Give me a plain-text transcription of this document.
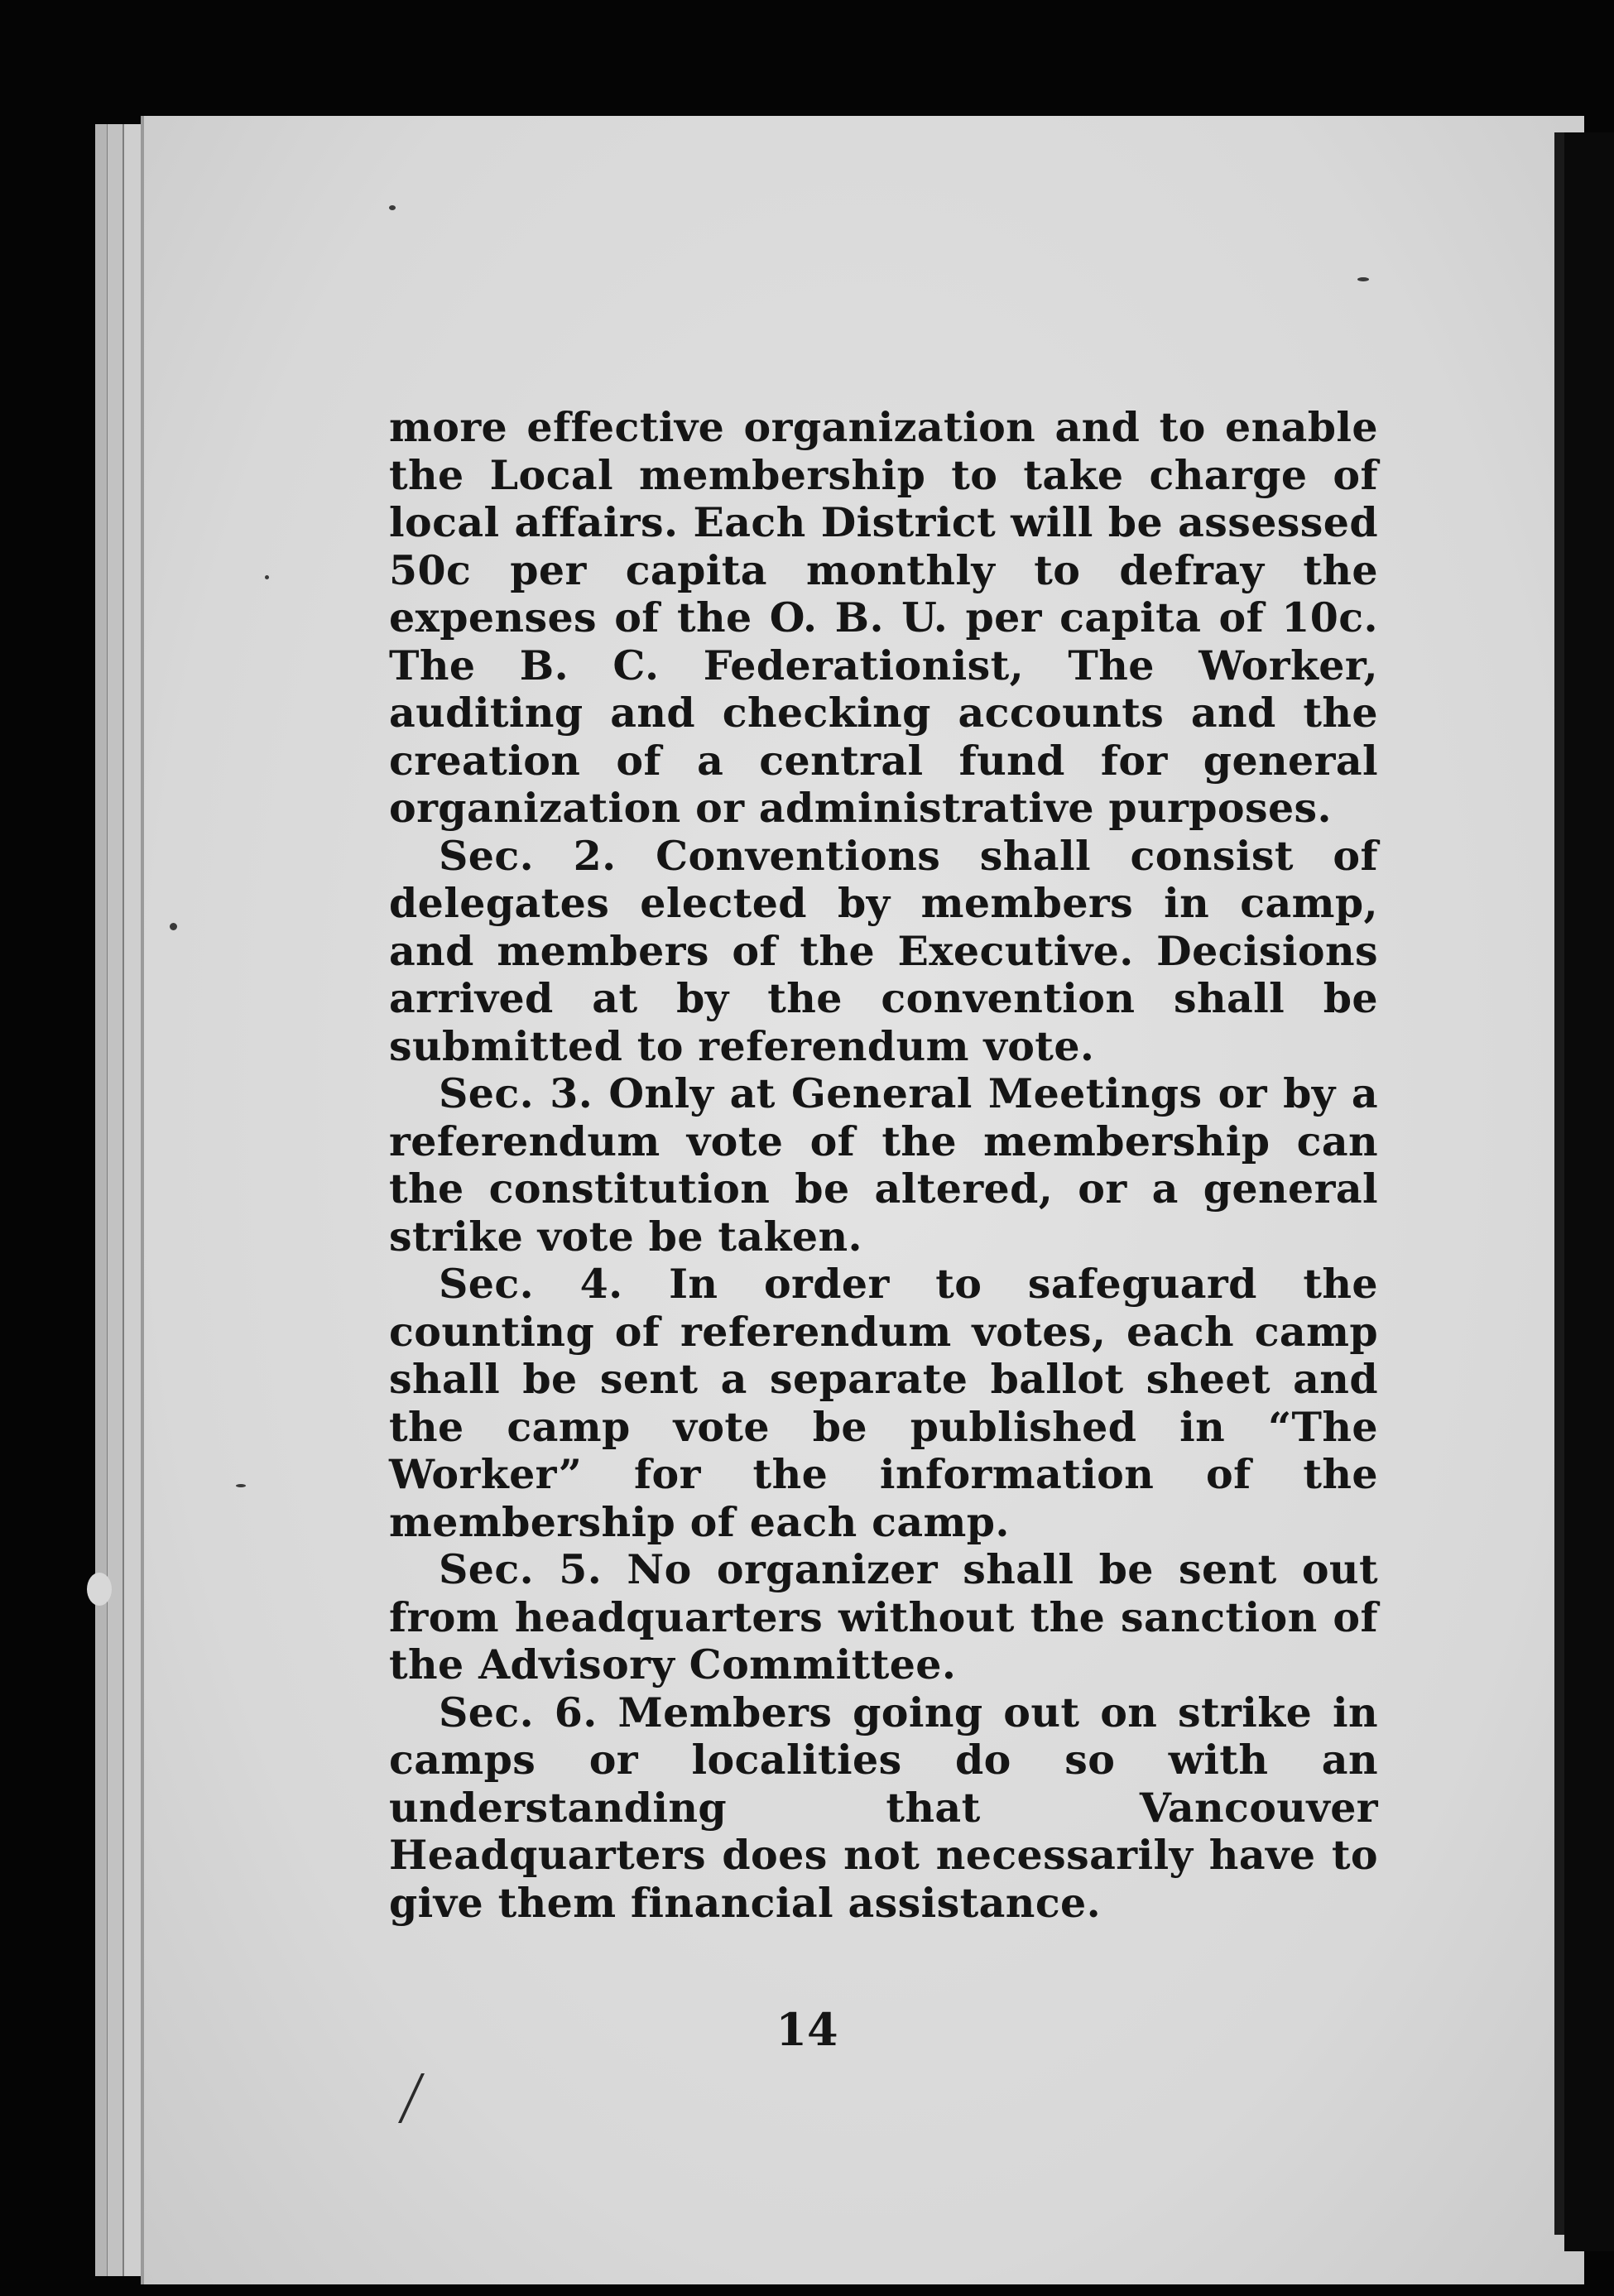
more effective organization and to enable the Local membership to take charge of local affairs. Each District will be assessed 50c per capita monthly to defray the expenses of the O. B. U. per capita of 10c. The B. C. Federationist, The Worker, auditing and checking accounts and the creation of a central fund for general organization or administrative purposes.

Sec. 2. Conventions shall consist of delegates elected by members in camp, and members of the Executive. Decisions arrived at by the convention shall be submitted to referendum vote.

Sec. 3. Only at General Meetings or by a referendum vote of the membership can the constitution be altered, or a general strike vote be taken.

Sec. 4. In order to safeguard the counting of referendum votes, each camp shall be sent a separate ballot sheet and the camp vote be published in “The Worker” for the information of the membership of each camp.

Sec. 5. No organizer shall be sent out from headquarters without the sanction of the Advisory Committee.

Sec. 6. Members going out on strike in camps or localities do so with an understanding that Vancouver Headquarters does not necessarily have to give them financial assistance.

14
